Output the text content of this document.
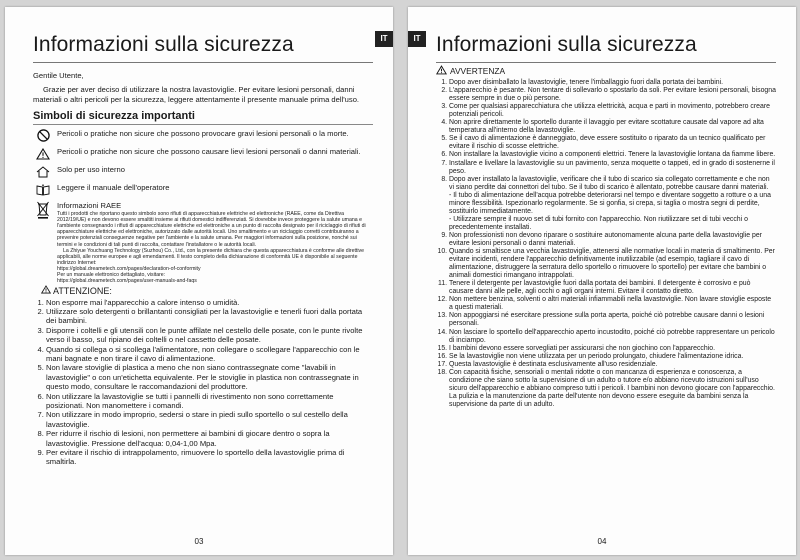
Informazioni sulla sicurezza	IT

Gentile Utente,

Grazie per aver deciso di utilizzare la nostra lavastoviglie. Per evitare lesioni personali, danni materiali o altri pericoli per la sicurezza, leggere attentamente il presente manuale prima dell'uso.

Simboli di sicurezza importanti
Pericoli o pratiche non sicure che possono provocare gravi lesioni personali o la morte.
Pericoli o pratiche non sicure che possono causare lievi lesioni personali o danni materiali.
Solo per uso interno
Leggere il manuale dell'operatore
Informazioni RAEE
Tutti i prodotti che riportano questo simbolo sono rifiuti di apparecchiature elettriche ed elettroniche (RAEE, come da Direttiva 2012/19/UE) e non devono essere smaltiti insieme ai rifiuti domestici indifferenziati. Si dovrebbe invece proteggere la salute umana e l'ambiente consegnando i rifiuti di apparecchiature elettriche ed elettroniche a un punto di raccolta designato per il riciclaggio di rifiuti di apparecchiature elettriche ed elettroniche, autorizzato dalle autorità locali. Uno smaltimento e un riciclaggio corretti contribuiranno a prevenire potenziali conseguenze negative per l'ambiente e la salute umana. Per maggiori informazioni sulla posizione, nonché sui termini e le condizioni di tali punti di raccolta, contattare l'installatore o le autorità locali.
La Zhiyue Youchuang Technology (Suzhou) Co., Ltd., con la presente dichiara che questa apparecchiatura è conforme alle direttive applicabili, alle norme europee e agli emendamenti. Il testo completo della dichiarazione di conformità UE è disponibile al seguente indirizzo Internet:
https://global.dreametech.com/pages/declaration-of-conformity
Per un manuale elettronico dettagliato, visitare:
https://global.dreametech.com/pages/user-manuals-and-faqs
ATTENZIONE:
1. Non esporre mai l'apparecchio a calore intenso o umidità.
2. Utilizzare solo detergenti o brillantanti consigliati per la lavastoviglie e tenerli fuori dalla portata dei bambini.
3. Disporre i coltelli e gli utensili con le punte affilate nel cestello delle posate, con le punte rivolte verso il basso, sul ripiano dei coltelli o nel cassetto delle posate.
4. Quando si collega o si scollega l'alimentatore, non collegare o scollegare l'apparecchio con le mani bagnate e non tirare il cavo di alimentazione.
5. Non lavare stoviglie di plastica a meno che non siano contrassegnate come "lavabili in lavastoviglie" o con un'etichetta equivalente. Per le stoviglie in plastica non contrassegnate in questo modo, consultare le raccomandazioni del produttore.
6. Non utilizzare la lavastoviglie se tutti i pannelli di rivestimento non sono correttamente posizionati. Non manomettere i comandi.
7. Non utilizzare in modo improprio, sedersi o stare in piedi sullo sportello o sul cestello della lavastoviglie.
8. Per ridurre il rischio di lesioni, non permettere ai bambini di giocare dentro o sopra la lavastoviglie. Pressione dell'acqua: 0,04-1,00 Mpa.
9. Per evitare il rischio di intrappolamento, rimuovere lo sportello della lavastoviglie prima di smaltirla.
03
IT Informazioni sulla sicurezza
AVVERTENZA
1. Dopo aver disimballato la lavastoviglie, tenere l'imballaggio fuori dalla portata dei bambini.
2. L'apparecchio è pesante. Non tentare di sollevarlo o spostarlo da soli. Per evitare lesioni personali, bisogna essere sempre in due o più persone.
3. Come per qualsiasi apparecchiatura che utilizza elettricità, acqua e parti in movimento, potrebbero creare potenziali pericoli.
4. Non aprire direttamente lo sportello durante il lavaggio per evitare scottature causate dal vapore ad alta temperatura all'interno della lavastoviglie.
5. Se il cavo di alimentazione è danneggiato, deve essere sostituito o riparato da un tecnico qualificato per evitare il rischio di scosse elettriche.
6. Non installare la lavastoviglie vicino a componenti elettrici. Tenere la lavastoviglie lontana da fiamme libere.
7. Installare e livellare la lavastoviglie su un pavimento, senza moquette o tappeti, ed in grado di sostenerne il peso.
8. Dopo aver installato la lavastoviglie, verificare che il tubo di scarico sia collegato correttamente e che non vi siano perdite dai connettori del tubo. Se il tubo di scarico è allentato, potrebbe causare danni materiali.
- Il tubo di alimentazione dell'acqua potrebbe deteriorarsi nel tempo e diventare soggetto a rotture o a una minore flessibilità. Ispezionarlo regolarmente. Se si gonfia, si crepa, si taglia o mostra segni di perdite, sostituirlo immediatamente.
- Utilizzare sempre il nuovo set di tubi fornito con l'apparecchio. Non riutilizzare set di tubi vecchi o precedentemente installati.
9. Non professionisti non devono riparare o sostituire autonomamente alcuna parte della lavastoviglie per evitare lesioni personali o danni materiali.
10. Quando si smaltisce una vecchia lavastoviglie, attenersi alle normative locali in materia di smaltimento. Per evitare incidenti, rendere l'apparecchio definitivamente inutilizzabile (ad esempio, tagliare il cavo di alimentazione, distruggere la serratura dello sportello o rimuovere lo sportello) per evitare che bambini o animali domestici rimangano intrappolati.
11. Tenere il detergente per lavastoviglie fuori dalla portata dei bambini. Il detergente è corrosivo e può causare danni alle pelle, agli occhi o agli organi interni. Evitare il contatto diretto.
12. Non mettere benzina, solventi o altri materiali infiammabili nella lavastoviglie. Non lavare stoviglie esposte a questi materiali.
13. Non appoggiarsi né esercitare pressione sulla porta aperta, poiché ciò potrebbe causare danni o lesioni personali.
14. Non lasciare lo sportello dell'apparecchio aperto incustodito, poiché ciò potrebbe rappresentare un pericolo di inciampo.
15. I bambini devono essere sorvegliati per assicurarsi che non giochino con l'apparecchio.
16. Se la lavastoviglie non viene utilizzata per un periodo prolungato, chiudere l'alimentazione idrica.
17. Questa lavastoviglie è destinata esclusivamente all'uso residenziale.
18. Con capacità fisiche, sensoriali o mentali ridotte o con mancanza di esperienza e conoscenza, a condizione che siano sotto la supervisione di un adulto o tutore e/o abbiano ricevuto istruzioni sull'uso sicuro dell'apparecchio e abbiano compreso tutti i pericoli. I bambini non devono giocare con l'apparecchio. La pulizia e la manutenzione da parte dell'utente non devono essere eseguite da bambini senza la supervisione da parte di un adulto.
04
